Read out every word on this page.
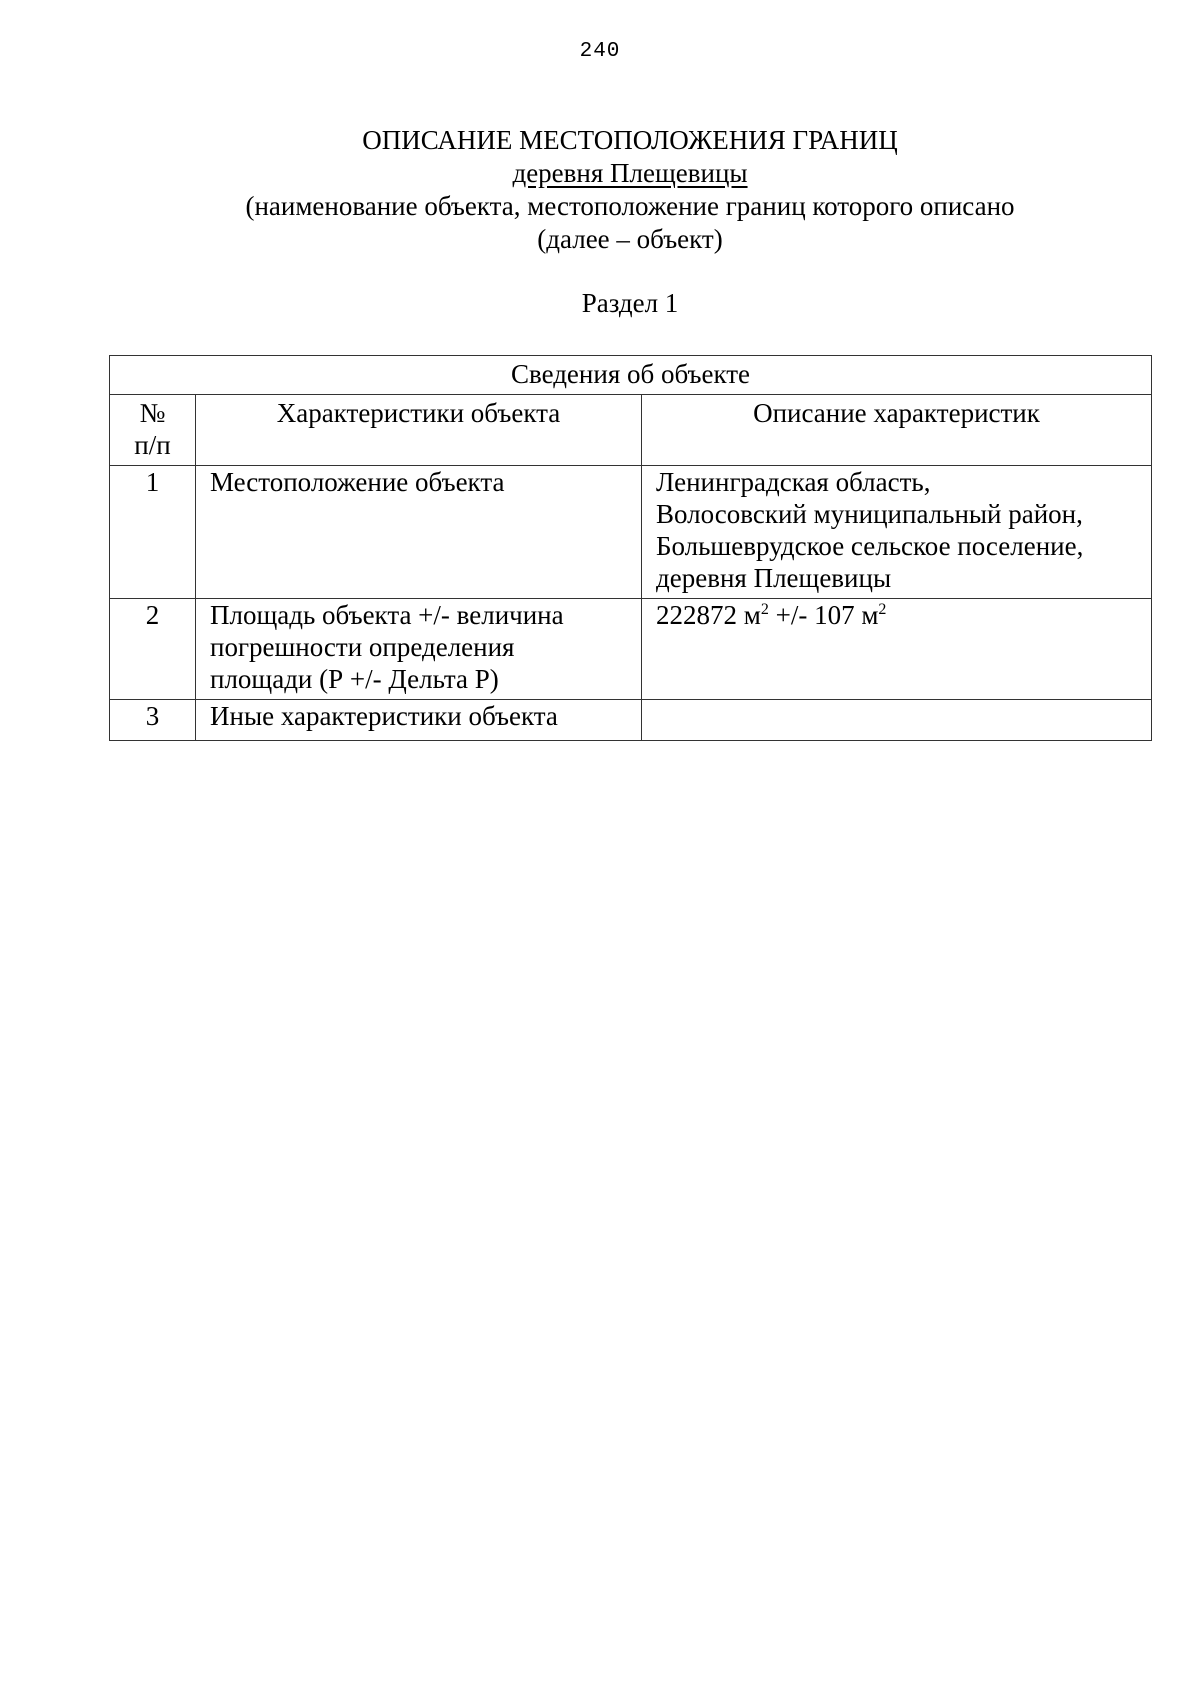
240
ОПИСАНИЕ МЕСТОПОЛОЖЕНИЯ ГРАНИЦ
деревня Плещевицы
(наименование объекта, местоположение границ которого описано
(далее – объект)
Раздел 1
Сведения об объекте		

№
п/п	Характеристики объекта	Описание характеристик
1	Местоположение объекта	Ленинградская область,
Волосовский муниципальный район,
Большеврудское сельское поселение,
деревня Плещевицы

2	Площадь объекта +/- величина
погрешности определения
площади (Р +/- Дельта Р)	222872 $м^2$ +/- 107 $м^2$
3	Иные характеристики объекта	
